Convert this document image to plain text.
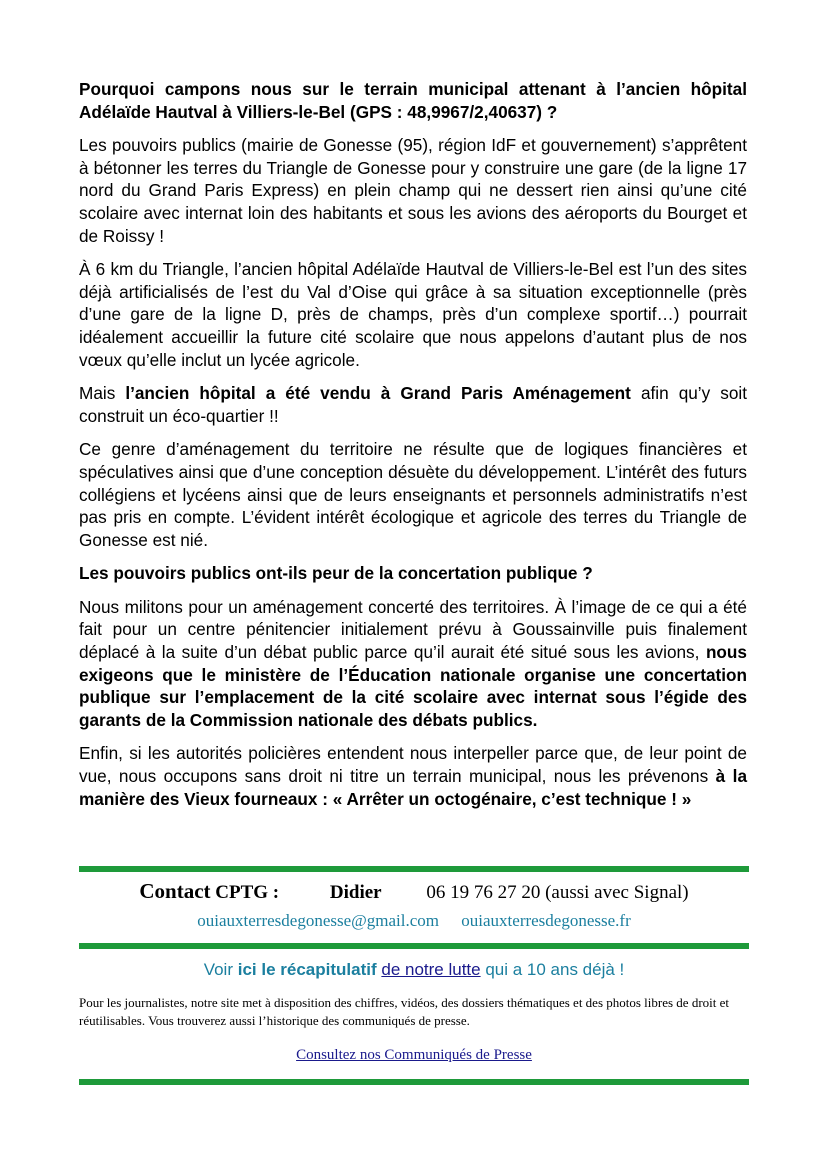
Pourquoi campons nous sur le terrain municipal attenant à l’ancien hôpital Adélaïde Hautval à Villiers-le-Bel (GPS : 48,9967/2,40637) ?

Les pouvoirs publics (mairie de Gonesse (95), région IdF et gouvernement) s’apprêtent à bétonner les terres du Triangle de Gonesse pour y construire une gare (de la ligne 17 nord du Grand Paris Express) en plein champ qui ne dessert rien ainsi qu’une cité scolaire avec internat loin des habitants et sous les avions des aéroports du Bourget et de Roissy !

À 6 km du Triangle, l’ancien hôpital Adélaïde Hautval de Villiers-le-Bel est l’un des sites déjà artificialisés de l’est du Val d’Oise qui grâce à sa situation exceptionnelle (près d’une gare de la ligne D, près de champs, près d’un complexe sportif…) pourrait idéalement accueillir la future cité scolaire que nous appelons d’autant plus de nos vœux qu’elle inclut un lycée agricole.

Mais l’ancien hôpital a été vendu à Grand Paris Aménagement afin qu’y soit construit un éco-quartier !!

Ce genre d’aménagement du territoire ne résulte que de logiques financières et spéculatives ainsi que d’une conception désuète du développement. L’intérêt des futurs collégiens et lycéens ainsi que de leurs enseignants et personnels administratifs n’est pas pris en compte. L’évident intérêt écologique et agricole des terres du Triangle de Gonesse est nié.

Les pouvoirs publics ont-ils peur de la concertation publique ?

Nous militons pour un aménagement concerté des territoires. À l’image de ce qui a été fait pour un centre pénitencier initialement prévu à Goussainville puis finalement déplacé à la suite d’un débat public parce qu’il aurait été situé sous les avions, nous exigeons que le ministère de l’Éducation nationale organise une concertation publique sur l’emplacement de la cité scolaire avec internat sous l’égide des garants de la Commission nationale des débats publics.

Enfin, si les autorités policières entendent nous interpeller parce que, de leur point de vue, nous occupons sans droit ni titre un terrain municipal, nous les prévenons à la manière des Vieux fourneaux : « Arrêter un octogénaire, c’est technique ! »

Contact CPTG :	Didier 06 19 76 27 20 (aussi avec Signal)
ouiauxterresdegonesse@gmail.com ouiauxterresdegonesse.fr
Voir ici le récapitulatif de notre lutte qui a 10 ans déjà !
Pour les journalistes, notre site met à disposition des chiffres, vidéos, des dossiers thématiques et des photos libres de droit et réutilisables. Vous trouverez aussi l’historique des communiqués de presse.
Consultez nos Communiqués de Presse
